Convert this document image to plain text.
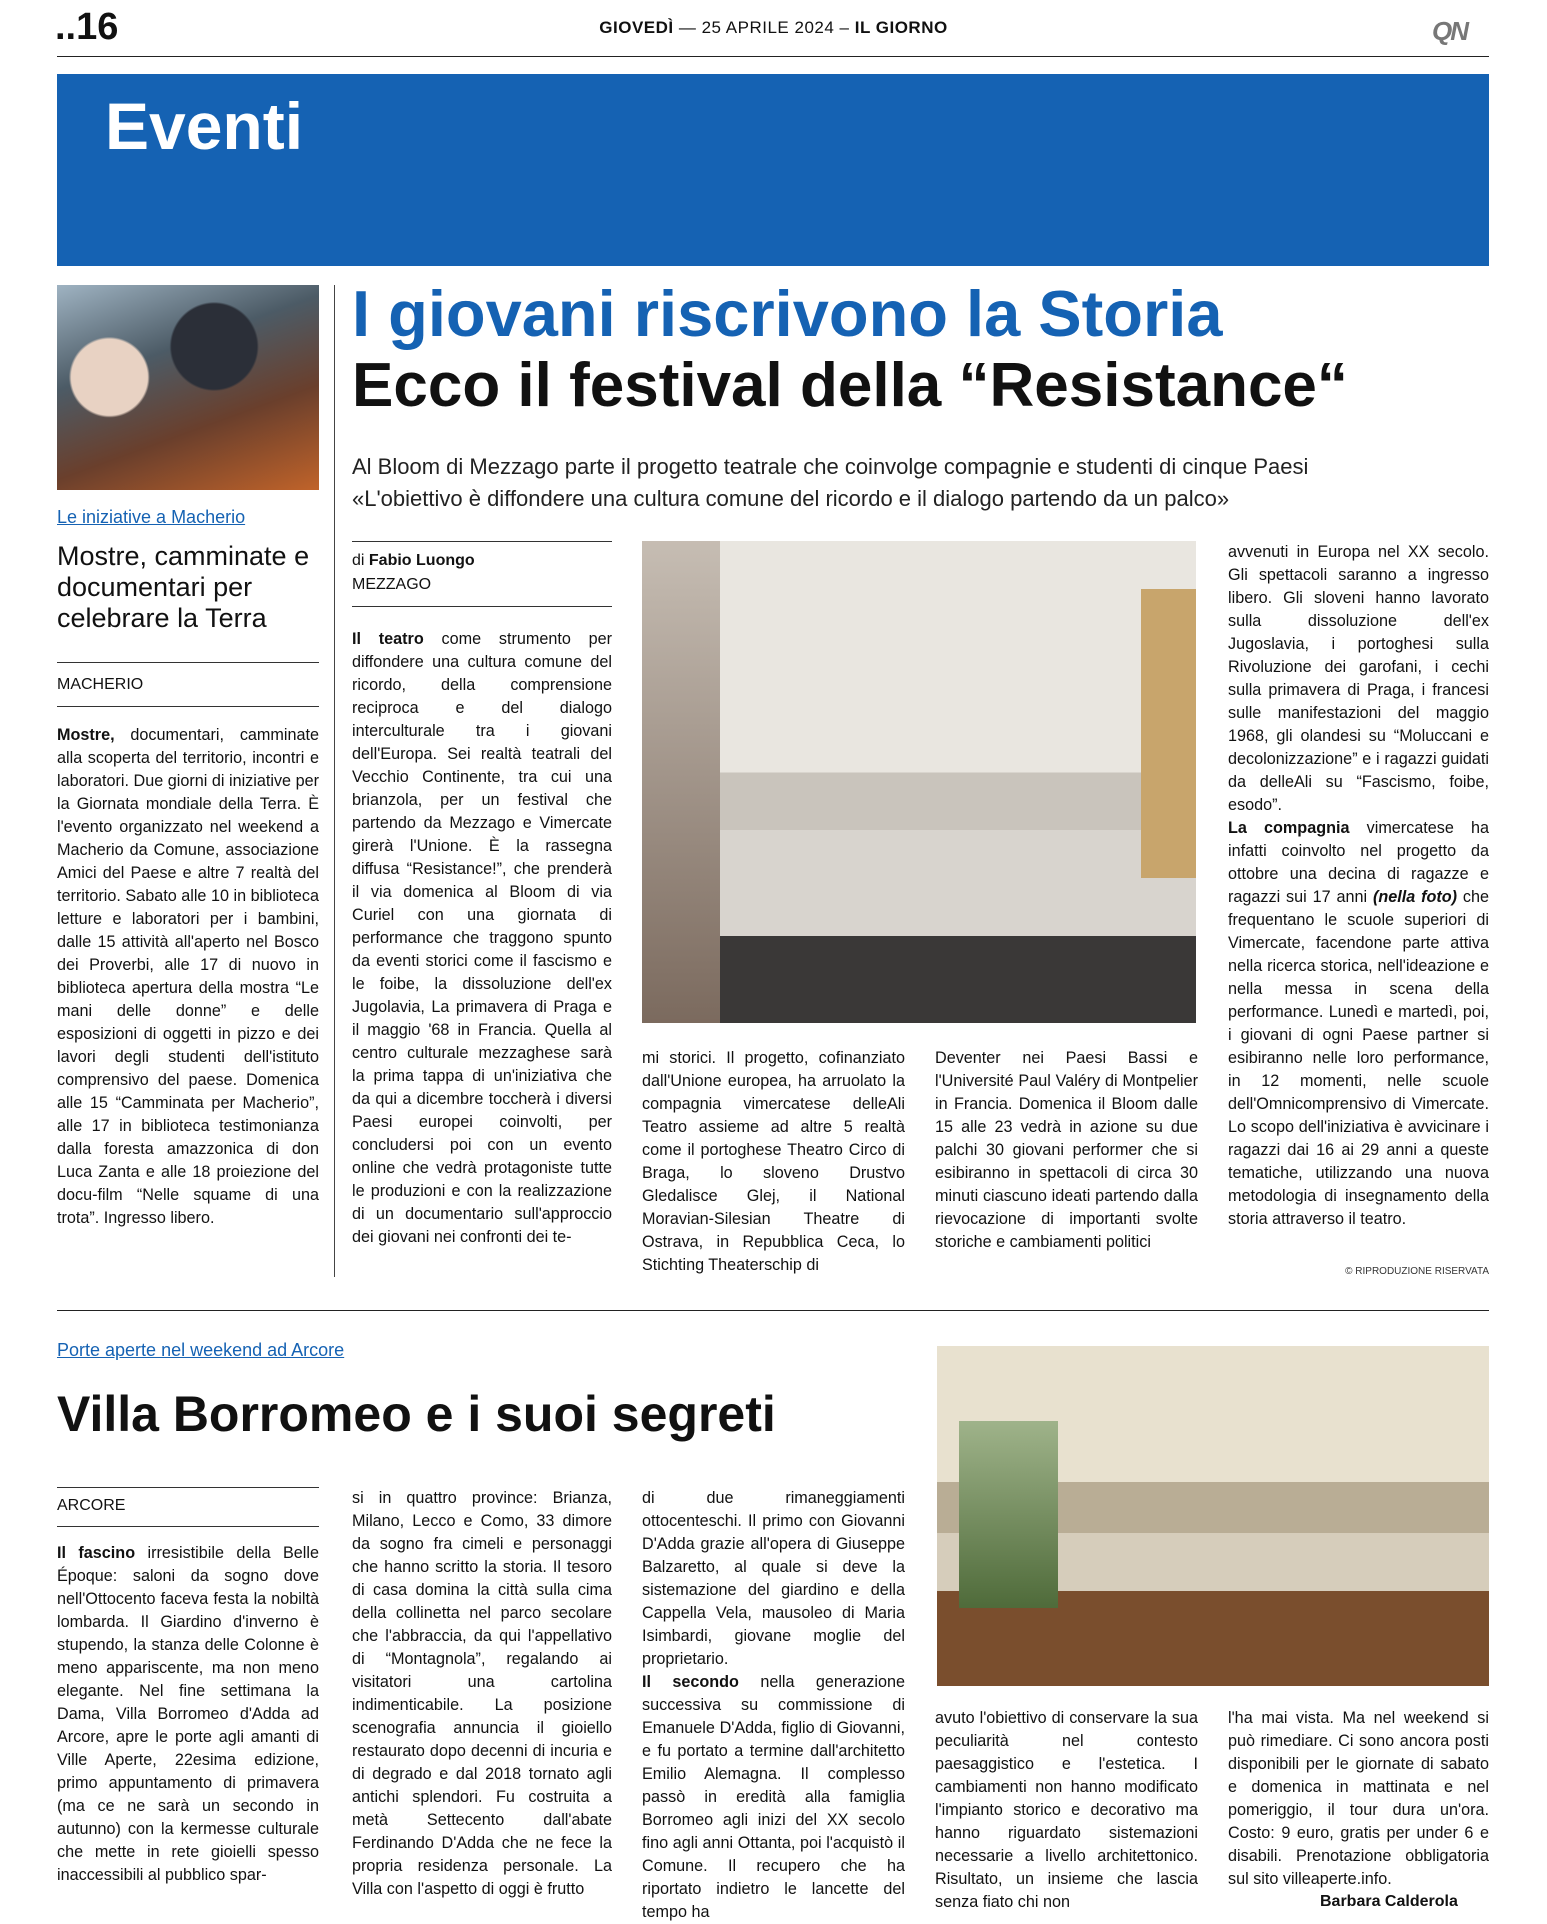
..16	GIOVEDÌ — 25 APRILE 2024 – IL GIORNO	QN
Eventi
Le iniziative a Macherio
Mostre, camminate e documentari per celebrare la Terra
MACHERIO
Mostre, documentari, camminate alla scoperta del territorio, incontri e laboratori. Due giorni di iniziative per la Giornata mondiale della Terra. È l'evento organizzato nel weekend a Macherio da Comune, associazione Amici del Paese e altre 7 realtà del territorio. Sabato alle 10 in biblioteca letture e laboratori per i bambini, dalle 15 attività all'aperto nel Bosco dei Proverbi, alle 17 di nuovo in biblioteca apertura della mostra “Le mani delle donne” e delle esposizioni di oggetti in pizzo e dei lavori degli studenti dell'istituto comprensivo del paese. Domenica alle 15 “Camminata per Macherio”, alle 17 in biblioteca testimonianza dalla foresta amazzonica di don Luca Zanta e alle 18 proiezione del docu-film “Nelle squame di una trota”. Ingresso libero.
I giovani riscrivono la Storia
Ecco il festival della “Resistance“
Al Bloom di Mezzago parte il progetto teatrale che coinvolge compagnie e studenti di cinque Paesi
«L'obiettivo è diffondere una cultura comune del ricordo e il dialogo partendo da un palco»
di Fabio Luongo
MEZZAGO
Il teatro come strumento per diffondere una cultura comune del ricordo, della comprensione reciproca e del dialogo interculturale tra i giovani dell'Europa. Sei realtà teatrali del Vecchio Continente, tra cui una brianzola, per un festival che partendo da Mezzago e Vimercate girerà l'Unione. È la rassegna diffusa “Resistance!”, che prenderà il via domenica al Bloom di via Curiel con una giornata di performance che traggono spunto da eventi storici come il fascismo e le foibe, la dissoluzione dell'ex Jugolavia, La primavera di Praga e il maggio '68 in Francia. Quella al centro culturale mezzaghese sarà la prima tappa di un'iniziativa che da qui a dicembre toccherà i diversi Paesi europei coinvolti, per concludersi poi con un evento online che vedrà protagoniste tutte le produzioni e con la realizzazione di un documentario sull'approccio dei giovani nei confronti dei te-
mi storici. Il progetto, cofinanziato dall'Unione europea, ha arruolato la compagnia vimercatese delleAli Teatro assieme ad altre 5 realtà come il portoghese Theatro Circo di Braga, lo sloveno Drustvo Gledalisce Glej, il National Moravian-Silesian Theatre di Ostrava, in Repubblica Ceca, lo Stichting Theaterschip di
Deventer nei Paesi Bassi e l'Université Paul Valéry di Montpelier in Francia. Domenica il Bloom dalle 15 alle 23 vedrà in azione su due palchi 30 giovani performer che si esibiranno in spettacoli di circa 30 minuti ciascuno ideati partendo dalla rievocazione di importanti svolte storiche e cambiamenti politici
avvenuti in Europa nel XX secolo. Gli spettacoli saranno a ingresso libero. Gli sloveni hanno lavorato sulla dissoluzione dell'ex Jugoslavia, i portoghesi sulla Rivoluzione dei garofani, i cechi sulla primavera di Praga, i francesi sulle manifestazioni del maggio 1968, gli olandesi su “Moluccani e decolonizzazione” e i ragazzi guidati da delleAli su “Fascismo, foibe, esodo”.
La compagnia vimercatese ha infatti coinvolto nel progetto da ottobre una decina di ragazze e ragazzi sui 17 anni (nella foto) che frequentano le scuole superiori di Vimercate, facendone parte attiva nella ricerca storica, nell'ideazione e nella messa in scena della performance. Lunedì e martedì, poi, i giovani di ogni Paese partner si esibiranno nelle loro performance, in 12 momenti, nelle scuole dell'Omnicomprensivo di Vimercate. Lo scopo dell'iniziativa è avvicinare i ragazzi dai 16 ai 29 anni a queste tematiche, utilizzando una nuova metodologia di insegnamento della storia attraverso il teatro.
© RIPRODUZIONE RISERVATA
Porte aperte nel weekend ad Arcore
Villa Borromeo e i suoi segreti
ARCORE
Il fascino irresistibile della Belle Époque: saloni da sogno dove nell'Ottocento faceva festa la nobiltà lombarda. Il Giardino d'inverno è stupendo, la stanza delle Colonne è meno appariscente, ma non meno elegante. Nel fine settimana la Dama, Villa Borromeo d'Adda ad Arcore, apre le porte agli amanti di Ville Aperte, 22esima edizione, primo appuntamento di primavera (ma ce ne sarà un secondo in autunno) con la kermesse culturale che mette in rete gioielli spesso inaccessibili al pubblico spar-
si in quattro province: Brianza, Milano, Lecco e Como, 33 dimore da sogno fra cimeli e personaggi che hanno scritto la storia. Il tesoro di casa domina la città sulla cima della collinetta nel parco secolare che l'abbraccia, da qui l'appellativo di “Montagnola”, regalando ai visitatori una cartolina indimenticabile. La posizione scenografia annuncia il gioiello restaurato dopo decenni di incuria e di degrado e dal 2018 tornato agli antichi splendori. Fu costruita a metà Settecento dall'abate Ferdinando D'Adda che ne fece la propria residenza personale. La Villa con l'aspetto di oggi è frutto
di due rimaneggiamenti ottocenteschi. Il primo con Giovanni D'Adda grazie all'opera di Giuseppe Balzaretto, al quale si deve la sistemazione del giardino e della Cappella Vela, mausoleo di Maria Isimbardi, giovane moglie del proprietario.
Il secondo nella generazione successiva su commissione di Emanuele D'Adda, figlio di Giovanni, e fu portato a termine dall'architetto Emilio Alemagna. Il complesso passò in eredità alla famiglia Borromeo agli inizi del XX secolo fino agli anni Ottanta, poi l'acquistò il Comune. Il recupero che ha riportato indietro le lancette del tempo ha
avuto l'obiettivo di conservare la sua peculiarità nel contesto paesaggistico e l'estetica. I cambiamenti non hanno modificato l'impianto storico e decorativo ma hanno riguardato sistemazioni necessarie a livello architettonico. Risultato, un insieme che lascia senza fiato chi non
l'ha mai vista. Ma nel weekend si può rimediare. Ci sono ancora posti disponibili per le giornate di sabato e domenica in mattinata e nel pomeriggio, il tour dura un'ora. Costo: 9 euro, gratis per under 6 e disabili. Prenotazione obbligatoria sul sito villeaperte.info.
Barbara Calderola
